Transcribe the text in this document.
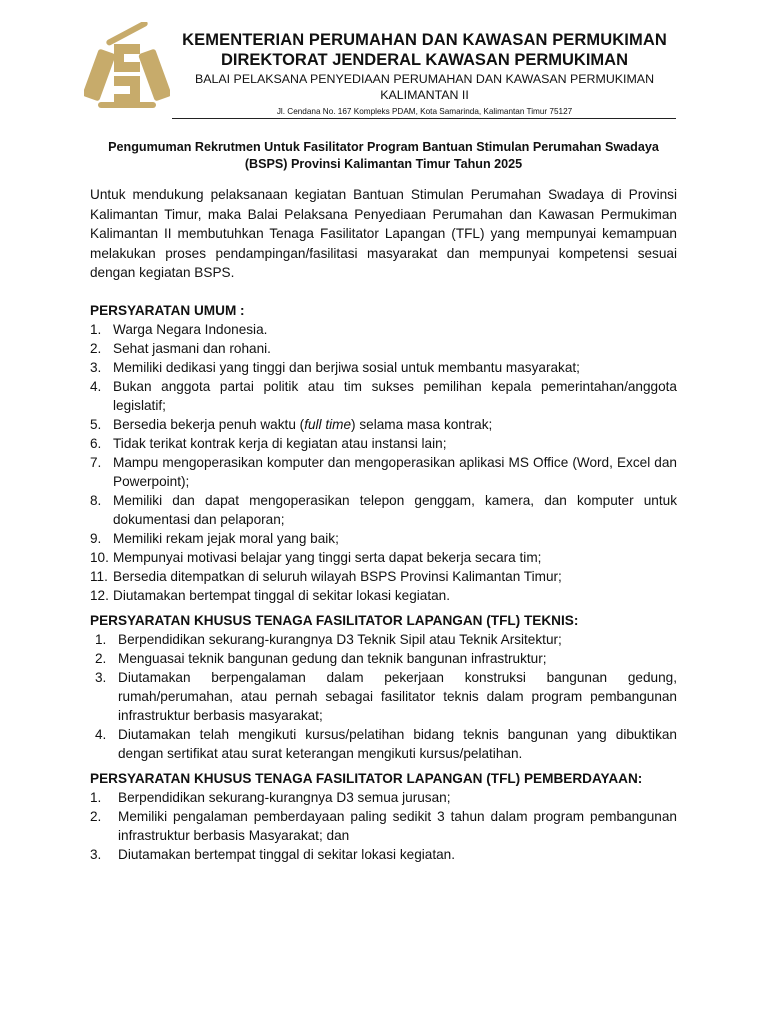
KEMENTERIAN PERUMAHAN DAN KAWASAN PERMUKIMAN
DIREKTORAT JENDERAL KAWASAN PERMUKIMAN
BALAI PELAKSANA PENYEDIAAN PERUMAHAN DAN KAWASAN PERMUKIMAN KALIMANTAN II
Jl. Cendana No. 167 Kompleks PDAM, Kota Samarinda, Kalimantan Timur 75127
Pengumuman Rekrutmen Untuk Fasilitator Program Bantuan Stimulan Perumahan Swadaya (BSPS) Provinsi Kalimantan Timur Tahun 2025

Untuk mendukung pelaksanaan kegiatan Bantuan Stimulan Perumahan Swadaya di Provinsi Kalimantan Timur, maka Balai Pelaksana Penyediaan Perumahan dan Kawasan Permukiman Kalimantan II membutuhkan Tenaga Fasilitator Lapangan (TFL) yang mempunyai kemampuan melakukan proses pendampingan/fasilitasi masyarakat dan mempunyai kompetensi sesuai dengan kegiatan BSPS.

PERSYARATAN UMUM :
1. Warga Negara Indonesia.
2. Sehat jasmani dan rohani.
3. Memiliki dedikasi yang tinggi dan berjiwa sosial untuk membantu masyarakat;
4. Bukan anggota partai politik atau tim sukses pemilihan kepala pemerintahan/anggota legislatif;
5. Bersedia bekerja penuh waktu (full time) selama masa kontrak;
6. Tidak terikat kontrak kerja di kegiatan atau instansi lain;
7. Mampu mengoperasikan komputer dan mengoperasikan aplikasi MS Office (Word, Excel dan Powerpoint);
8. Memiliki dan dapat mengoperasikan telepon genggam, kamera, dan komputer untuk dokumentasi dan pelaporan;
9. Memiliki rekam jejak moral yang baik;
10. Mempunyai motivasi belajar yang tinggi serta dapat bekerja secara tim;
11. Bersedia ditempatkan di seluruh wilayah BSPS Provinsi Kalimantan Timur;
12. Diutamakan bertempat tinggal di sekitar lokasi kegiatan.
PERSYARATAN KHUSUS TENAGA FASILITATOR LAPANGAN (TFL) TEKNIS:
1. Berpendidikan sekurang-kurangnya D3 Teknik Sipil atau Teknik Arsitektur;
2. Menguasai teknik bangunan gedung dan teknik bangunan infrastruktur;
3. Diutamakan berpengalaman dalam pekerjaan konstruksi bangunan gedung, rumah/perumahan, atau pernah sebagai fasilitator teknis dalam program pembangunan infrastruktur berbasis masyarakat;
4. Diutamakan telah mengikuti kursus/pelatihan bidang teknis bangunan yang dibuktikan dengan sertifikat atau surat keterangan mengikuti kursus/pelatihan.
PERSYARATAN KHUSUS TENAGA FASILITATOR LAPANGAN (TFL) PEMBERDAYAAN:
1.	Berpendidikan sekurang-kurangnya D3 semua jurusan;
2.	Memiliki pengalaman pemberdayaan paling sedikit 3 tahun dalam program pembangunan infrastruktur berbasis Masyarakat; dan
3.	Diutamakan bertempat tinggal di sekitar lokasi kegiatan.
